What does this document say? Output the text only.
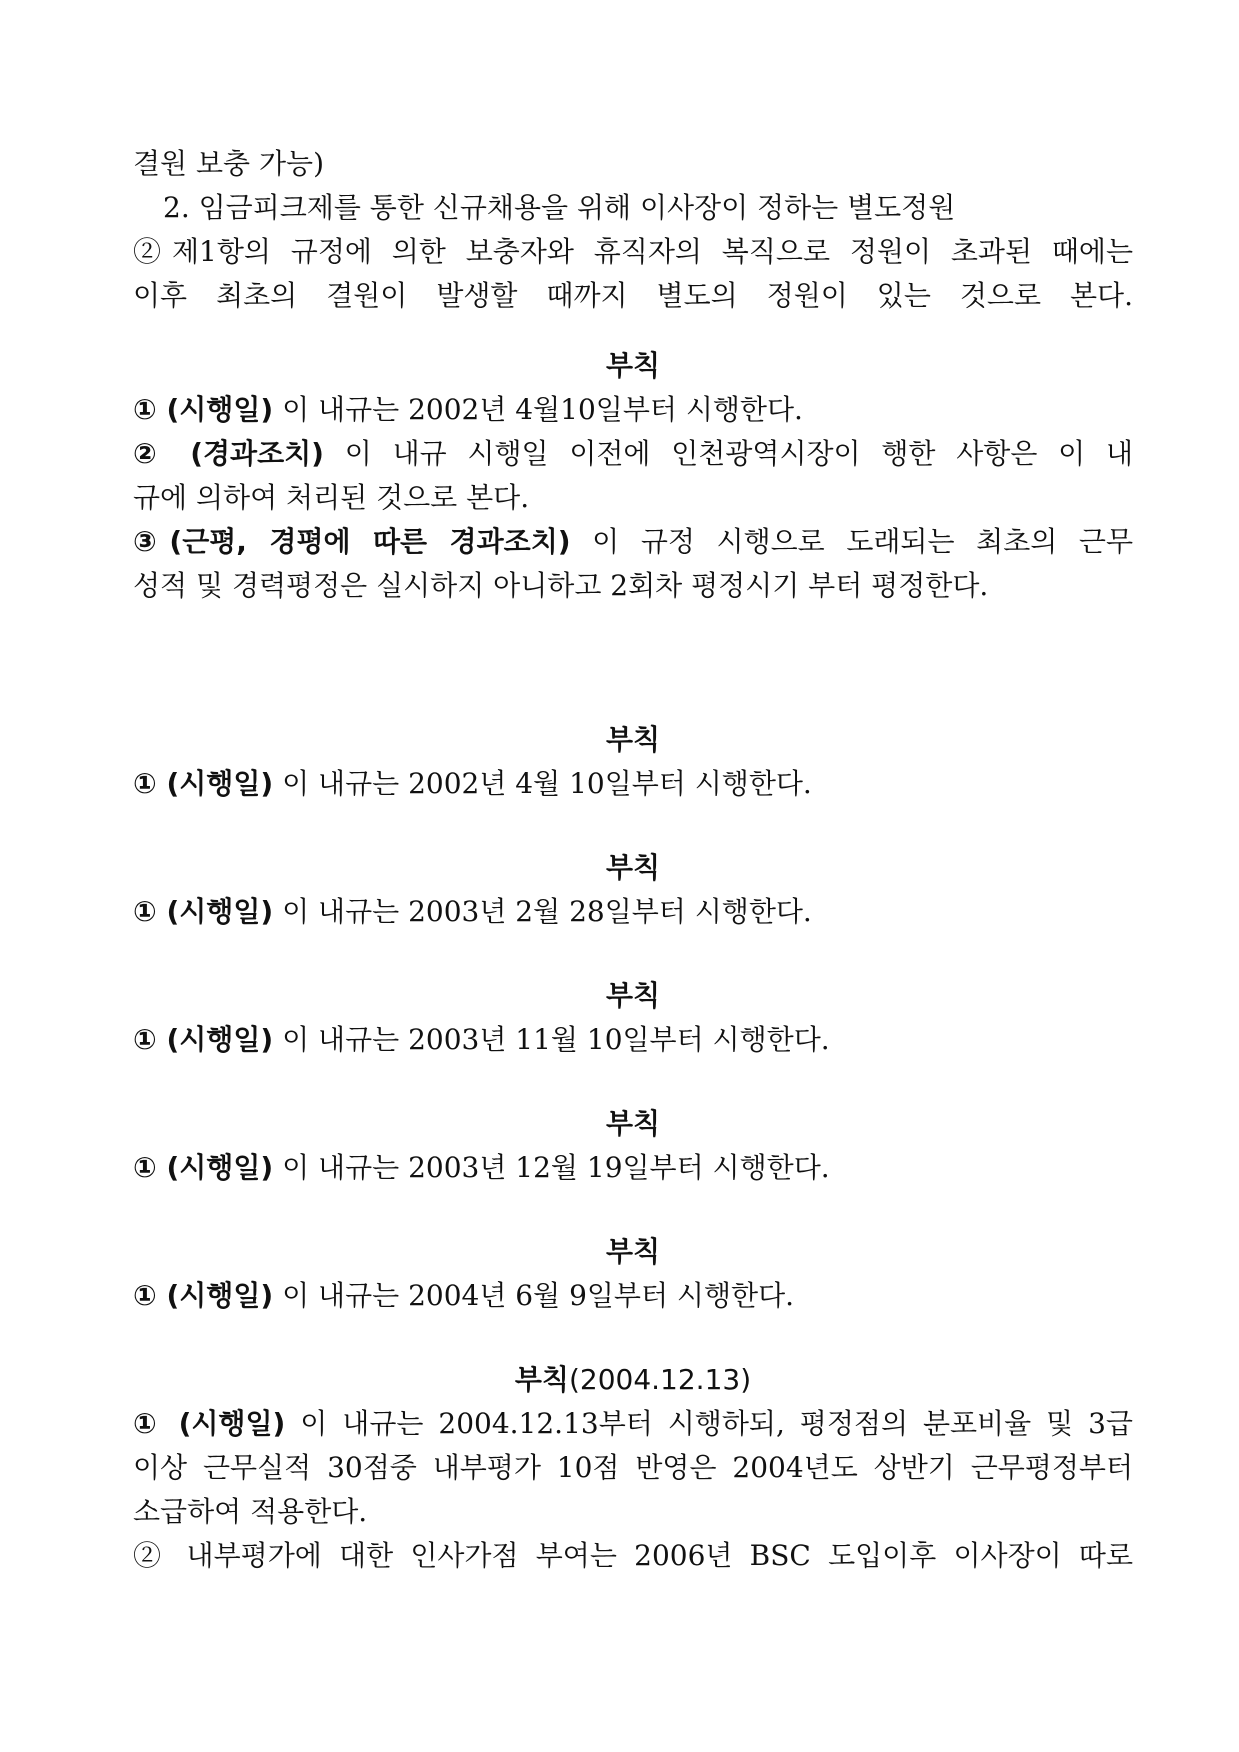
결원 보충 가능)
2. 임금피크제를 통한 신규채용을 위해 이사장이 정하는 별도정원
②제1항의 규정에 의한 보충자와 휴직자의 복직으로 정원이 초과된 때에는
이후 최초의 결원이 발생할 때까지 별도의 정원이 있는 것으로 본다.
부칙
① (시행일) 이 내규는 2002년 4월10일부터 시행한다.
② (경과조치) 이 내규 시행일 이전에 인천광역시장이 행한 사항은 이 내
규에 의하여 처리된 것으로 본다.
③(근평, 경평에 따른 경과조치) 이 규정 시행으로 도래되는 최초의 근무
성적 및 경력평정은 실시하지 아니하고 2회차 평정시기 부터 평정한다.
부칙
① (시행일) 이 내규는 2002년 4월 10일부터 시행한다.
부칙
① (시행일) 이 내규는 2003년 2월 28일부터 시행한다.
부칙
① (시행일) 이 내규는 2003년 11월 10일부터 시행한다.
부칙
① (시행일) 이 내규는 2003년 12월 19일부터 시행한다.
부칙
① (시행일) 이 내규는 2004년 6월 9일부터 시행한다.
부칙(2004.12.13)
① (시행일) 이 내규는 2004.12.13부터 시행하되, 평정점의 분포비율 및 3급
이상 근무실적 30점중 내부평가 10점 반영은 2004년도 상반기 근무평정부터
소급하여 적용한다.
② 내부평가에 대한 인사가점 부여는 2006년 BSC 도입이후 이사장이 따로
